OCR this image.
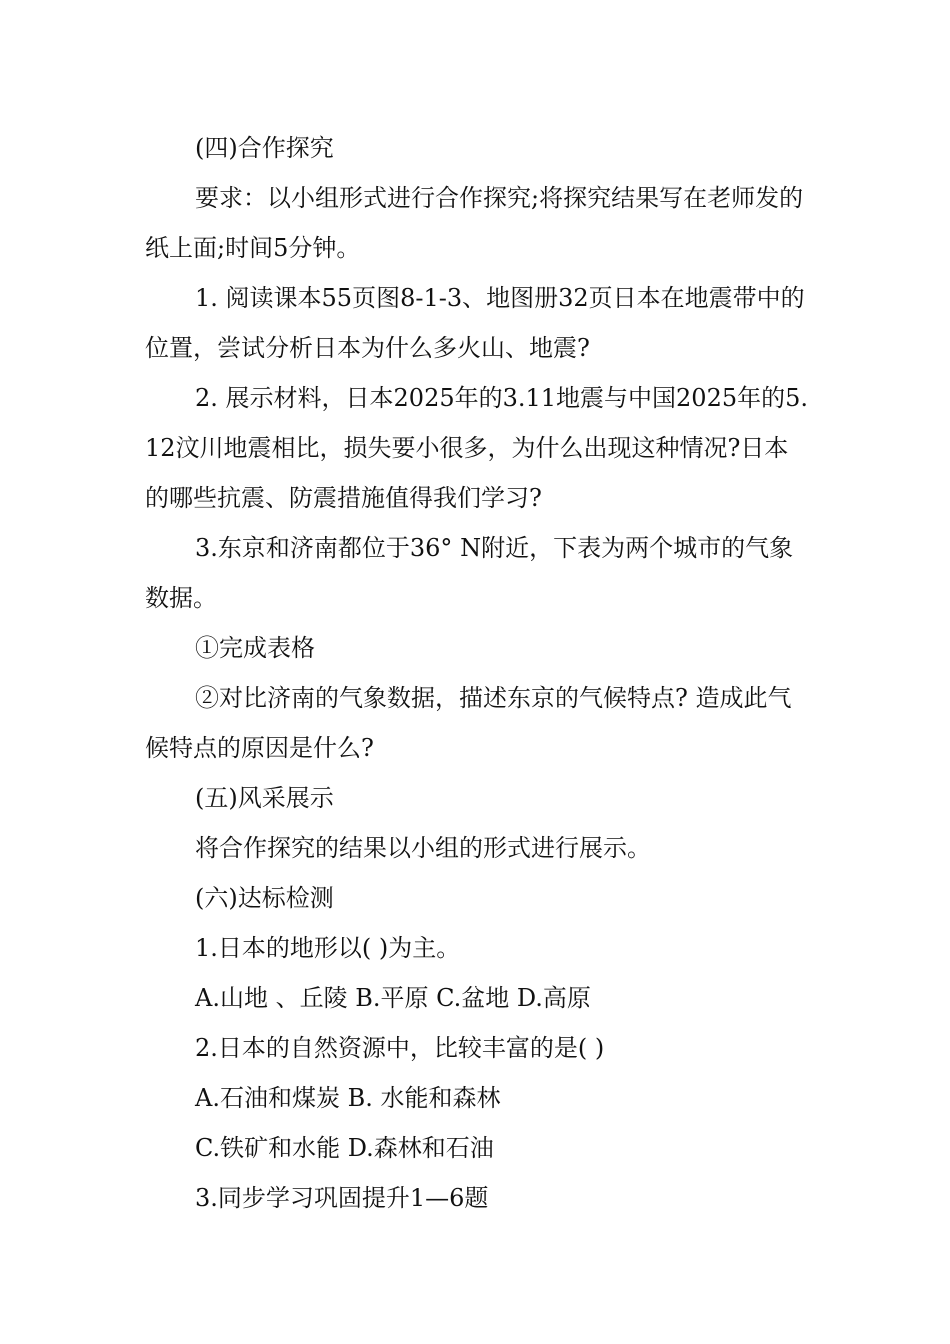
(四)合作探究

要求：以小组形式进行合作探究;将探究结果写在老师发的纸上面;时间5分钟。

1. 阅读课本55页图8-1-3、地图册32页日本在地震带中的位置，尝试分析日本为什么多火山、地震?

2. 展示材料，日本2025年的3.11地震与中国2025年的5.12汶川地震相比，损失要小很多，为什么出现这种情况?日本的哪些抗震、防震措施值得我们学习?

3.东京和济南都位于36° N附近，下表为两个城市的气象数据。

①完成表格

②对比济南的气象数据，描述东京的气候特点? 造成此气候特点的原因是什么?

(五)风采展示

将合作探究的结果以小组的形式进行展示。

(六)达标检测

1.日本的地形以( )为主。

A.山地 、丘陵 B.平原 C.盆地 D.高原

2.日本的自然资源中，比较丰富的是( )

A.石油和煤炭 B. 水能和森林

C.铁矿和水能 D.森林和石油

3.同步学习巩固提升1—6题
